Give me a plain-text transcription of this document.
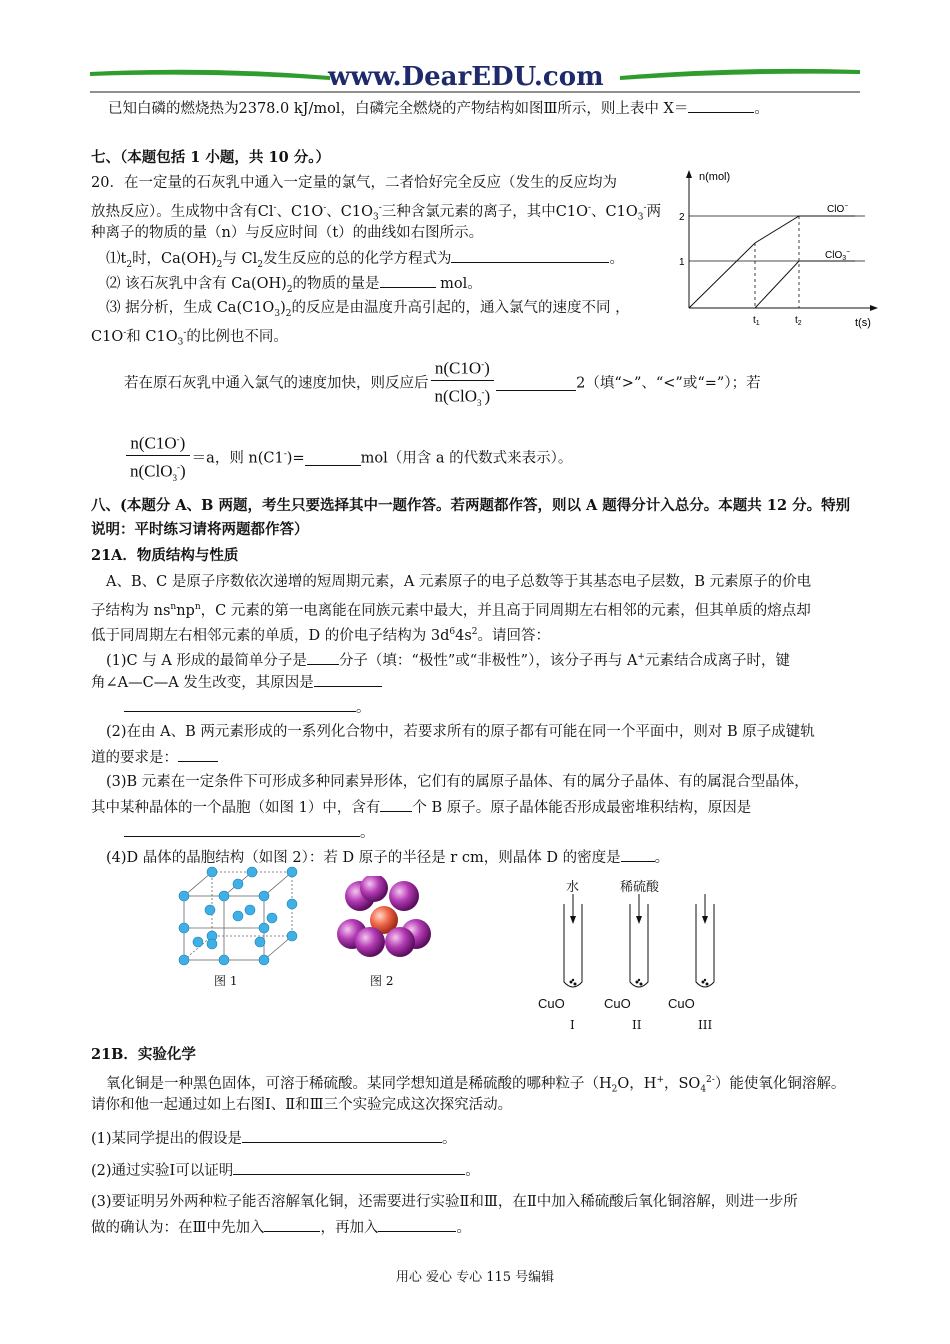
www.DearEDU.com
已知白磷的燃烧热为2378.0 kJ/mol，白磷完全燃烧的产物结构如图Ⅲ所示，则上表中 X＝	。
七、（本题包括 1 小题，共 10 分。）
20．在一定量的石灰乳中通入一定量的氯气，二者恰好完全反应（发生的反应均为
放热反应）。生成物中含有Cl-、C1O-、$C1O_3^-$三种含氯元素的离子，其中C1O-、$C1O_3^-$两
种离子的物质的量（n）与反应时间（t）的曲线如右图所示。
$⑴t_2$时，$Ca(OH)_2$与 $Cl_2$发生反应的总的化学方程式为	。
⑵ 该石灰乳中含有 $Ca(OH)_2$的物质的量是	mol。
⑶ 据分析，生成 $Ca(C1O_3)_2$的反应是由温度升高引起的，通入氯气的速度不同 ，
C1O-和 $C1O_3^-$的比例也不同。
若在原石灰乳中通入氯气的速度加快，则反应后 $\frac{n(C1O^-)}{n(ClO_3^-)}$	2（填“>”、“<”或“=”）；若
$\frac{n(C1O^-)}{n(ClO_3^-)} =a$，则 n(C1-)=	mol（用含 a 的代数式来表示）。
n(mol)
t(s)
2
1
$t_1$	$t_2$
ClO−
ClO$_3$−
八、(本题分 A、B 两题，考生只要选择其中一题作答。若两题都作答，则以 A 题得分计入总分。本题共 12 分。特别
说明：平时练习请将两题都作答）
21A．物质结构与性质
A、B、C 是原子序数依次递增的短周期元素，A 元素原子的电子总数等于其基态电子层数，B 元素原子的价电
子结构为 $ns^nnp^n$，C 元素的第一电离能在同族元素中最大，并且高于同周期左右相邻的元素，但其单质的熔点却
低于同周期左右相邻元素的单质，D 的价电子结构为 $3d^64s^2$。请回答：
(1)C 与 A 形成的最简单分子是 分子（填：“极性”或“非极性”），该分子再与 A+元素结合成离子时，键
角∠A—C—A 发生改变，其原因是
。
(2)在由 A、B 两元素形成的一系列化合物中，若要求所有的原子都有可能在同一个平面中，则对 B 原子成键轨
道的要求是：
(3)B 元素在一定条件下可形成多种同素异形体，它们有的属原子晶体、有的属分子晶体、有的属混合型晶体，
其中某种晶体的一个晶胞（如图 1）中，含有 个 B 原子。原子晶体能否形成最密堆积结构，原因是
。
(4)D 晶体的晶胞结构（如图 2）：若 D 原子的半径是 r cm，则晶体 D 的密度是 。
图 1	图 2
水	稀硫酸
CuO	CuO	CuO
I	II	III
21B．实验化学
氧化铜是一种黑色固体，可溶于稀硫酸。某同学想知道是稀硫酸的哪种粒子（$H_2O$，H+，$SO_4^{2-}$）能使氧化铜溶解。
请你和他一起通过如上右图Ⅰ、Ⅱ和Ⅲ三个实验完成这次探究活动。
(1)某同学提出的假设是	。
(2)通过实验Ⅰ可以证明	。
(3)要证明另外两种粒子能否溶解氧化铜，还需要进行实验Ⅱ和Ⅲ，在Ⅱ中加入稀硫酸后氧化铜溶解，则进一步所
做的确认为：在Ⅲ中先加入	，再加入	。
用心 爱心 专心 115 号编辑
